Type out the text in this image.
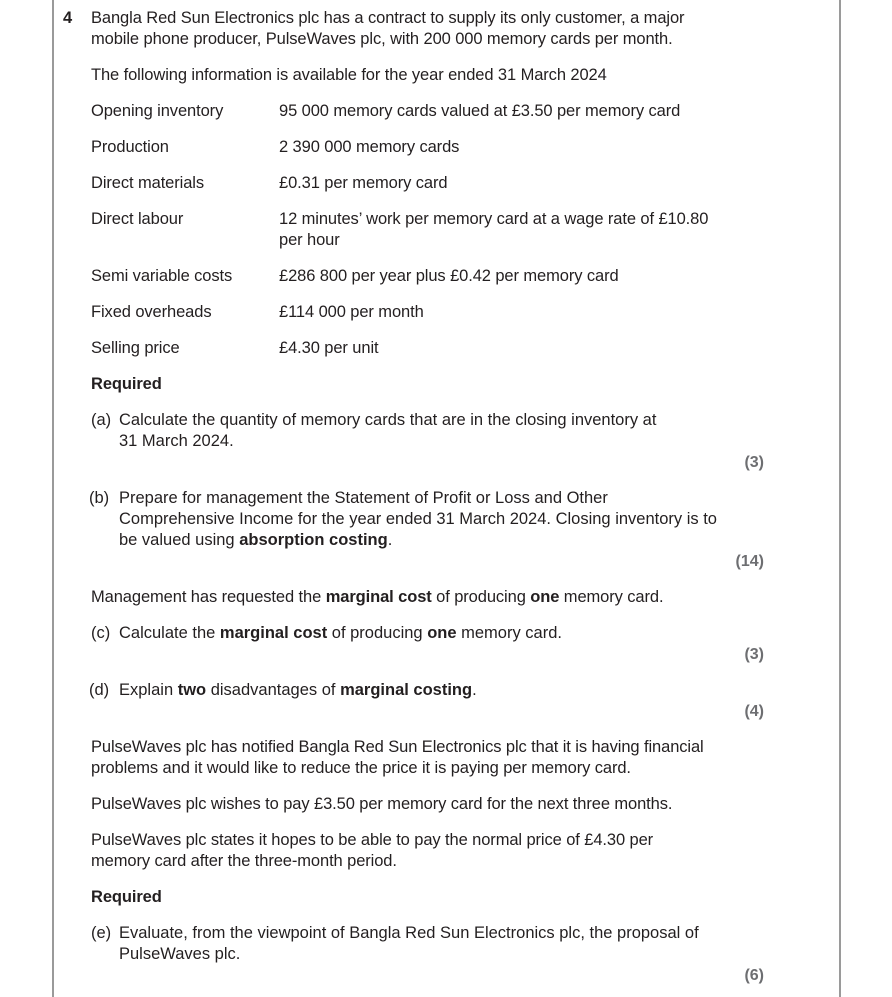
4 Bangla Red Sun Electronics plc has a contract to supply its only customer, a major
mobile phone producer, PulseWaves plc, with 200 000 memory cards per month.
The following information is available for the year ended 31 March 2024
Opening inventory	95 000 memory cards valued at £3.50 per memory card
Production	2 390 000 memory cards
Direct materials	£0.31 per memory card
Direct labour	12 minutes’ work per memory card at a wage rate of £10.80
per hour
Semi variable costs	£286 800 per year plus £0.42 per memory card
Fixed overheads	£114 000 per month
Selling price	£4.30 per unit
Required
(a) Calculate the quantity of memory cards that are in the closing inventory at
31 March 2024.
(3)
(b) Prepare for management the Statement of Profit or Loss and Other
Comprehensive Income for the year ended 31 March 2024. Closing inventory is to
be valued using absorption costing.
(14)
Management has requested the marginal cost of producing one memory card.
(c) Calculate the marginal cost of producing one memory card.
(3)
(d) Explain two disadvantages of marginal costing.
(4)
PulseWaves plc has notified Bangla Red Sun Electronics plc that it is having financial
problems and it would like to reduce the price it is paying per memory card.
PulseWaves plc wishes to pay £3.50 per memory card for the next three months.
PulseWaves plc states it hopes to be able to pay the normal price of £4.30 per
memory card after the three-month period.
Required
(e) Evaluate, from the viewpoint of Bangla Red Sun Electronics plc, the proposal of
PulseWaves plc.
(6)
